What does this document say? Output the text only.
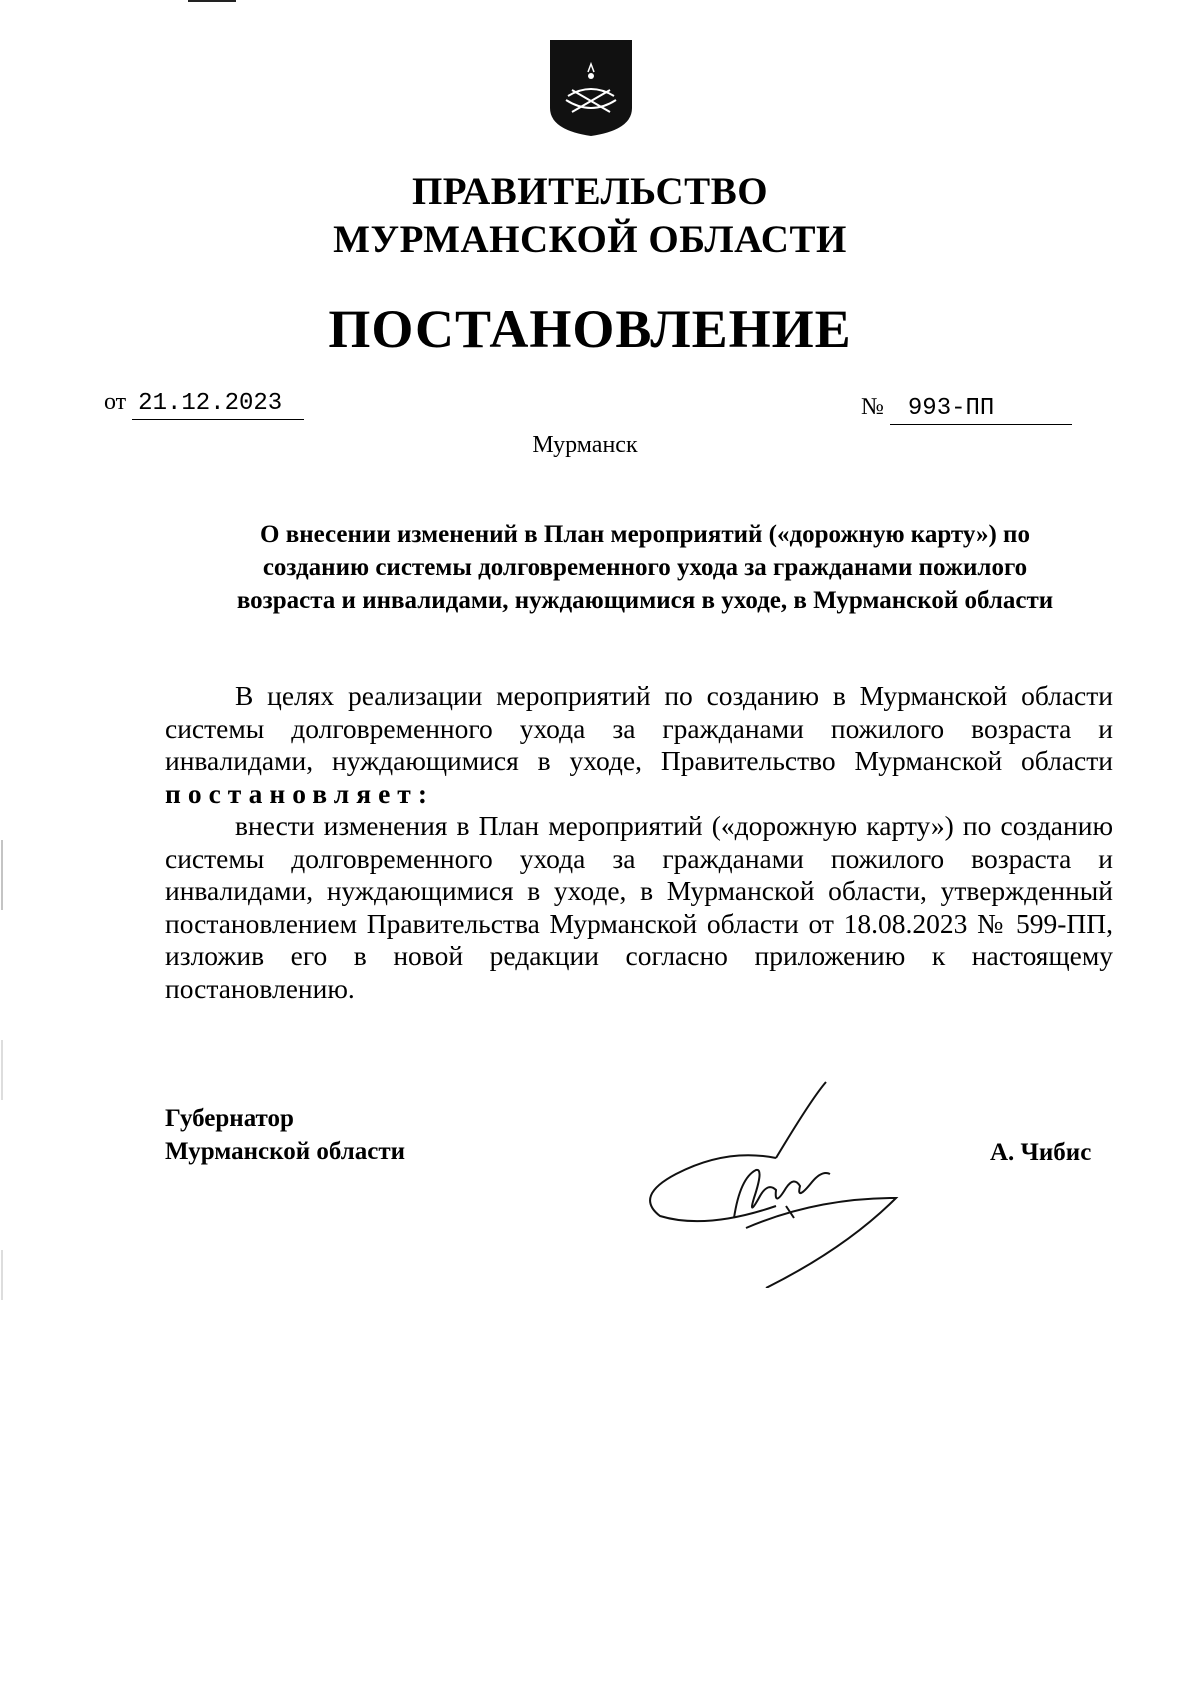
ПРАВИТЕЛЬСТВО
МУРМАНСКОЙ ОБЛАСТИ
ПОСТАНОВЛЕНИЕ
от 21.12.2023	№ 993-ПП
Мурманск
О внесении изменений в План мероприятий («дорожную карту») по
созданию системы долговременного ухода за гражданами пожилого
возраста и инвалидами, нуждающимися в уходе, в Мурманской области

В целях реализации мероприятий по созданию в Мурманской области системы долговременного ухода за гражданами пожилого возраста и инвалидами, нуждающимися в уходе, Правительство Мурманской области постановляет:

внести изменения в План мероприятий («дорожную карту») по созданию системы долговременного ухода за гражданами пожилого возраста и инвалидами, нуждающимися в уходе, в Мурманской области, утвержденный постановлением Правительства Мурманской области от 18.08.2023 № 599-ПП, изложив его в новой редакции согласно приложению к настоящему постановлению.

Губернатор
Мурманской области	А. Чибис
